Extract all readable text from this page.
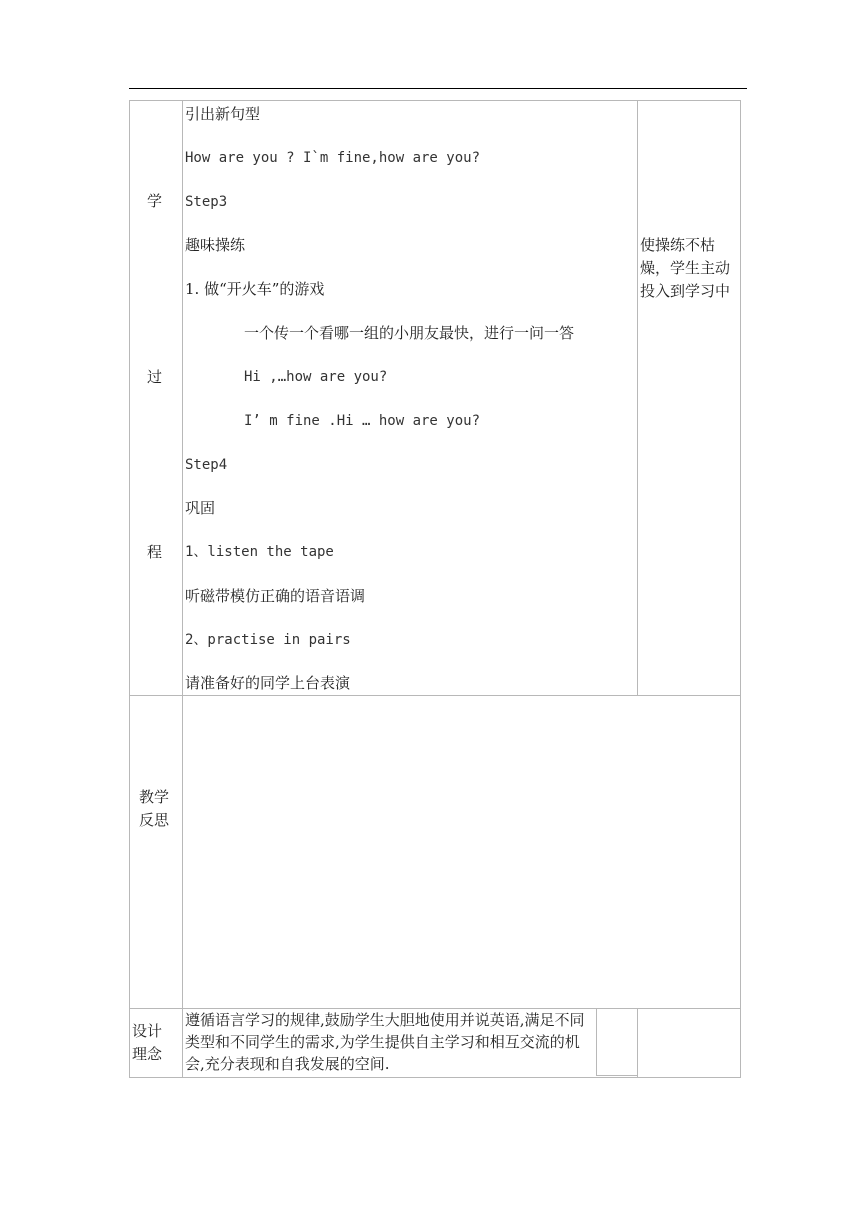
学
过
程
引出新句型
How are you ? I`m fine,how are you?
Step3
趣味操练
1. 做“开火车”的游戏
一个传一个看哪一组的小朋友最快，进行一问一答
Hi ,…how are you?
I’ m fine .Hi … how are you?
Step4
巩固
1、listen the tape
听磁带模仿正确的语音语调
2、practise in pairs
请准备好的同学上台表演
使操练不枯燥，学生主动投入到学习中
教学
反思
设计
理念
遵循语言学习的规律,鼓励学生大胆地使用并说英语,满足不同类型和不同学生的需求,为学生提供自主学习和相互交流的机会,充分表现和自我发展的空间.
